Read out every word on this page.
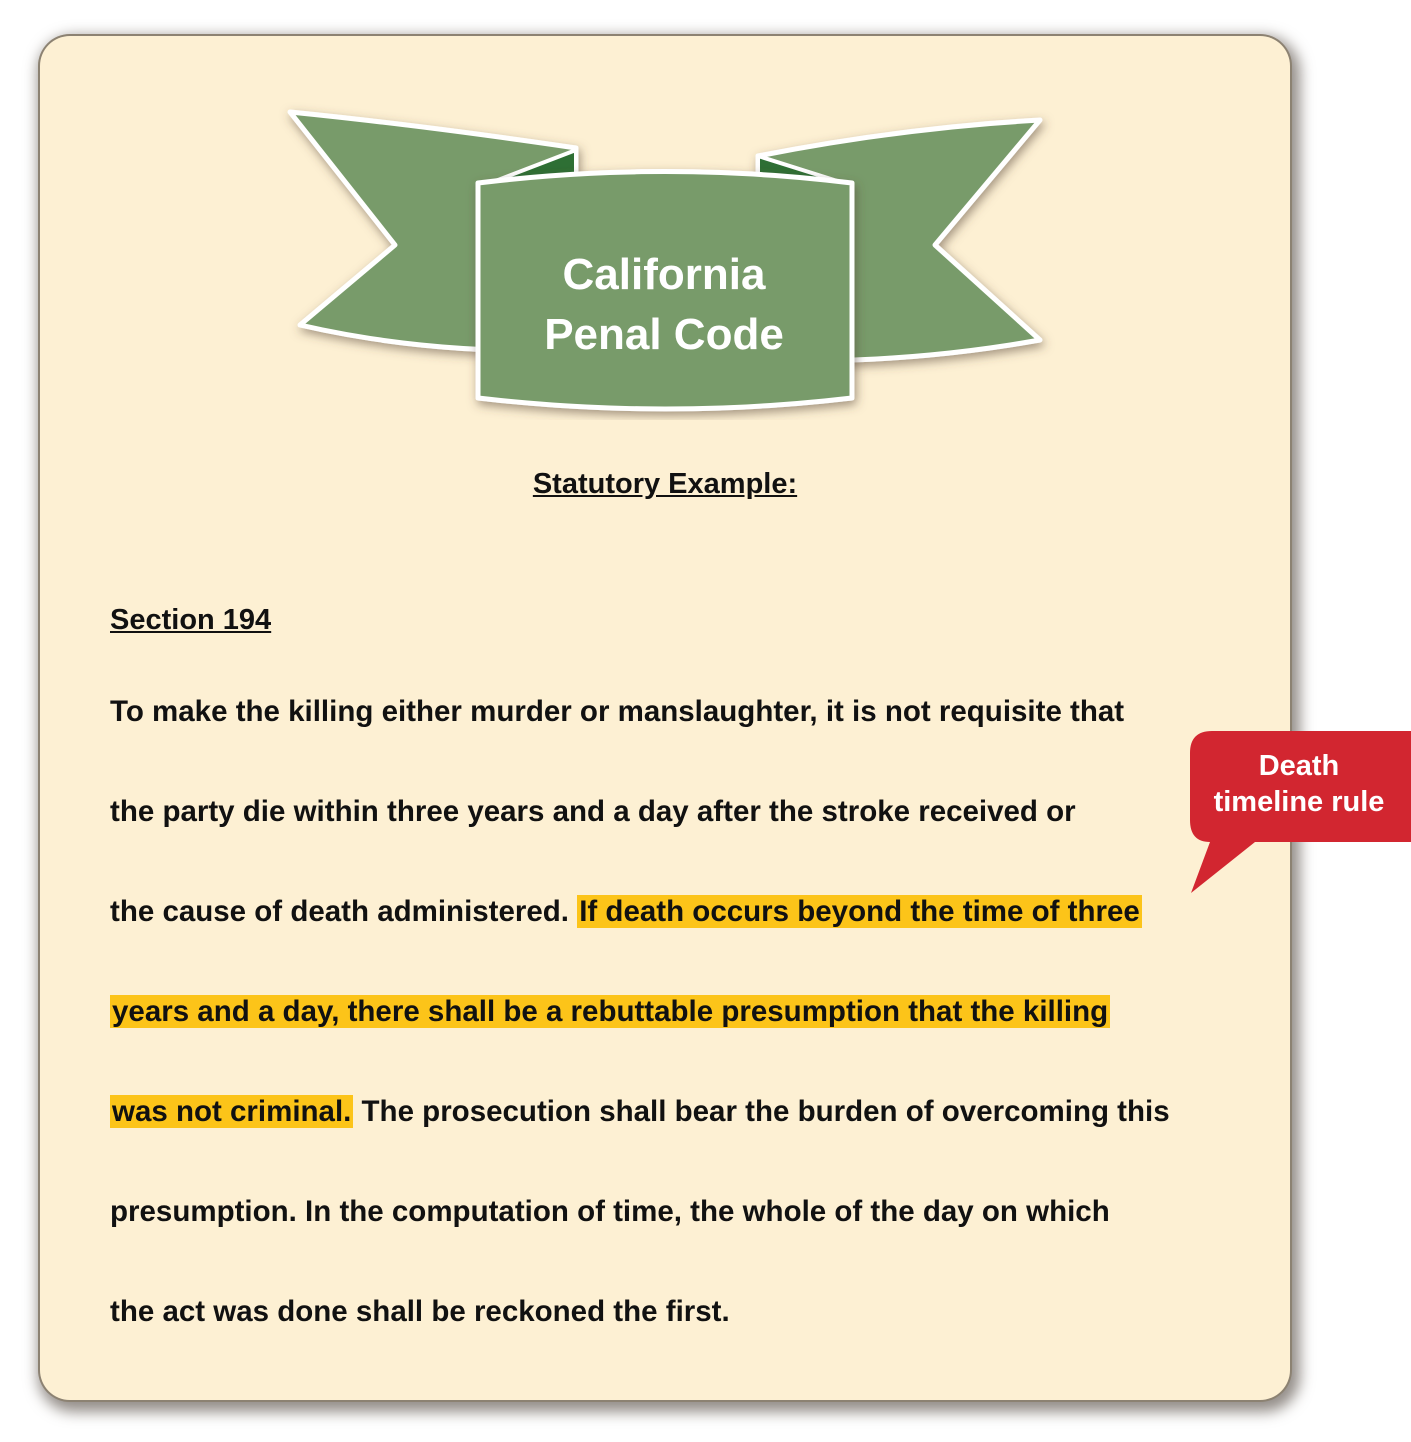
California
Penal Code
Statutory Example:
Section 194
To make the killing either murder or manslaughter, it is not requisite that
the party die within three years and a day after the stroke received or
the cause of death administered. If death occurs beyond the time of three
years and a day, there shall be a rebuttable presumption that the killing
was not criminal. The prosecution shall bear the burden of overcoming this
presumption. In the computation of time, the whole of the day on which
the act was done shall be reckoned the first.
Death
timeline rule
